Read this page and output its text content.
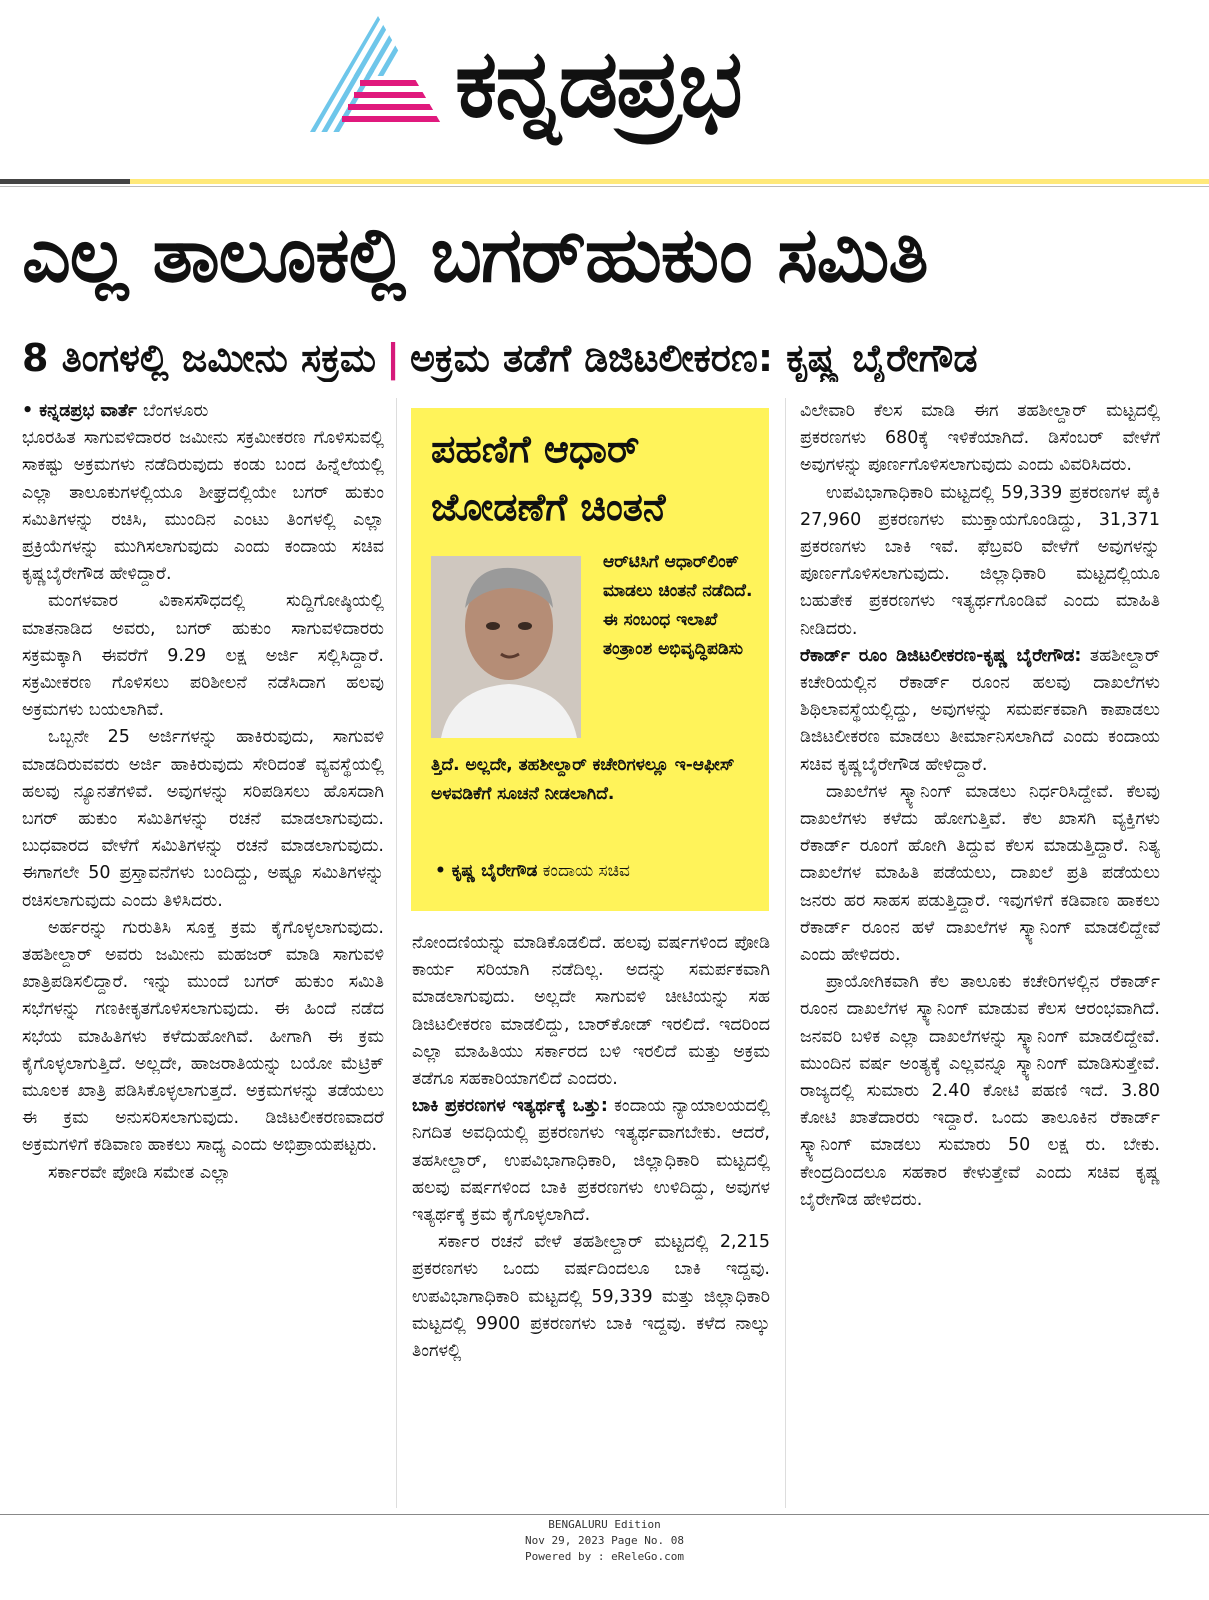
ಕನ್ನಡಪ್ರಭ
ಎಲ್ಲ ತಾಲೂಕಲ್ಲಿ ಬಗರ್‌ಹುಕುಂ ಸಮಿತಿ
8 ತಿಂಗಳಲ್ಲಿ ಜಮೀನು ಸಕ್ರಮ | ಅಕ್ರಮ ತಡೆಗೆ ಡಿಜಿಟಲೀಕರಣ: ಕೃಷ್ಣ ಬೈರೇಗೌಡ

• ಕನ್ನಡಪ್ರಭ ವಾರ್ತೆ ಬೆಂಗಳೂರು

ಭೂರಹಿತ ಸಾಗುವಳಿದಾರರ ಜಮೀನು ಸಕ್ರಮೀಕರಣ ಗೊಳಿಸುವಲ್ಲಿ ಸಾಕಷ್ಟು ಅಕ್ರಮಗಳು ನಡೆದಿರುವುದು ಕಂಡು ಬಂದ ಹಿನ್ನೆಲೆಯಲ್ಲಿ ಎಲ್ಲಾ ತಾಲೂಕುಗಳಲ್ಲಿಯೂ ಶೀಘ್ರದಲ್ಲಿಯೇ ಬಗರ್ ಹುಕುಂ ಸಮಿತಿಗಳನ್ನು ರಚಿಸಿ, ಮುಂದಿನ ಎಂಟು ತಿಂಗಳಲ್ಲಿ ಎಲ್ಲಾ ಪ್ರಕ್ರಿಯೆಗಳನ್ನು ಮುಗಿಸಲಾಗುವುದು ಎಂದು ಕಂದಾಯ ಸಚಿವ ಕೃಷ್ಣಬೈರೇಗೌಡ ಹೇಳಿದ್ದಾರೆ.

ಮಂಗಳವಾರ ವಿಕಾಸಸೌಧದಲ್ಲಿ ಸುದ್ದಿಗೋಷ್ಠಿಯಲ್ಲಿ ಮಾತನಾಡಿದ ಅವರು, ಬಗರ್ ಹುಕುಂ ಸಾಗುವಳಿದಾರರು ಸಕ್ರಮಕ್ಕಾಗಿ ಈವರೆಗೆ 9.29 ಲಕ್ಷ ಅರ್ಜಿ ಸಲ್ಲಿಸಿದ್ದಾರೆ. ಸಕ್ರಮೀಕರಣ ಗೊಳಿಸಲು ಪರಿಶೀಲನೆ ನಡೆಸಿದಾಗ ಹಲವು ಅಕ್ರಮಗಳು ಬಯಲಾಗಿವೆ.

ಒಬ್ಬನೇ 25 ಅರ್ಜಿಗಳನ್ನು ಹಾಕಿರುವುದು, ಸಾಗುವಳಿ ಮಾಡದಿರುವವರು ಅರ್ಜಿ ಹಾಕಿರುವುದು ಸೇರಿದಂತೆ ವ್ಯವಸ್ಥೆಯಲ್ಲಿ ಹಲವು ನ್ಯೂನತೆಗಳಿವೆ. ಅವುಗಳನ್ನು ಸರಿಪಡಿಸಲು ಹೊಸದಾಗಿ ಬಗರ್ ಹುಕುಂ ಸಮಿತಿಗಳನ್ನು ರಚನೆ ಮಾಡಲಾಗುವುದು. ಬುಧವಾರದ ವೇಳೆಗೆ ಸಮಿತಿಗಳನ್ನು ರಚನೆ ಮಾಡಲಾಗುವುದು. ಈಗಾಗಲೇ 50 ಪ್ರಸ್ತಾವನೆಗಳು ಬಂದಿದ್ದು, ಅಷ್ಟೂ ಸಮಿತಿಗಳನ್ನು ರಚಿಸಲಾಗುವುದು ಎಂದು ತಿಳಿಸಿದರು.

ಅರ್ಹರನ್ನು ಗುರುತಿಸಿ ಸೂಕ್ತ ಕ್ರಮ ಕೈಗೊಳ್ಳಲಾಗುವುದು. ತಹಶೀಲ್ದಾರ್ ಅವರು ಜಮೀನು ಮಹಜರ್ ಮಾಡಿ ಸಾಗುವಳಿ ಖಾತ್ರಿಪಡಿಸಲಿದ್ದಾರೆ. ಇನ್ನು ಮುಂದೆ ಬಗರ್ ಹುಕುಂ ಸಮಿತಿ ಸಭೆಗಳನ್ನು ಗಣಕೀಕೃತಗೊಳಿಸಲಾಗುವುದು. ಈ ಹಿಂದೆ ನಡೆದ ಸಭೆಯ ಮಾಹಿತಿಗಳು ಕಳೆದುಹೋಗಿವೆ. ಹೀಗಾಗಿ ಈ ಕ್ರಮ ಕೈಗೊಳ್ಳಲಾಗುತ್ತಿದೆ. ಅಲ್ಲದೇ, ಹಾಜರಾತಿಯನ್ನು ಬಯೋ ಮೆಟ್ರಿಕ್ ಮೂಲಕ ಖಾತ್ರಿ ಪಡಿಸಿಕೊಳ್ಳಲಾಗುತ್ತದೆ. ಅಕ್ರಮಗಳನ್ನು ತಡೆಯಲು ಈ ಕ್ರಮ ಅನುಸರಿಸಲಾಗುವುದು. ಡಿಜಿಟಲೀಕರಣವಾದರೆ ಅಕ್ರಮಗಳಿಗೆ ಕಡಿವಾಣ ಹಾಕಲು ಸಾಧ್ಯ ಎಂದು ಅಭಿಪ್ರಾಯಪಟ್ಟರು.

ಸರ್ಕಾರವೇ ಪೋಡಿ ಸಮೇತ ಎಲ್ಲಾ

ಪಹಣಿಗೆ ಆಧಾರ್
ಜೋಡಣೆಗೆ ಚಿಂತನೆ
ಆರ್‌ಟಿಸಿಗೆ ಆಧಾರ್‌ಲಿಂಕ್ ಮಾಡಲು ಚಿಂತನೆ ನಡೆದಿದೆ. ಈ ಸಂಬಂಧ ಇಲಾಖೆ ತಂತ್ರಾಂಶ ಅಭಿವೃದ್ಧಿಪಡಿಸು
ತ್ತಿದೆ. ಅಲ್ಲದೇ, ತಹಶೀಲ್ದಾರ್ ಕಚೇರಿಗಳಲ್ಲೂ ಇ-ಆಫೀಸ್ ಅಳವಡಿಕೆಗೆ ಸೂಚನೆ ನೀಡಲಾಗಿದೆ.
• ಕೃಷ್ಣ ಬೈರೇಗೌಡ ಕಂದಾಯ ಸಚಿವ

ನೋಂದಣಿಯನ್ನು ಮಾಡಿಕೊಡಲಿದೆ. ಹಲವು ವರ್ಷಗಳಿಂದ ಪೋಡಿ ಕಾರ್ಯ ಸರಿಯಾಗಿ ನಡೆದಿಲ್ಲ. ಅದನ್ನು ಸಮರ್ಪಕವಾಗಿ ಮಾಡಲಾಗುವುದು. ಅಲ್ಲದೇ ಸಾಗುವಳಿ ಚೀಟಿಯನ್ನು ಸಹ ಡಿಜಿಟಲೀಕರಣ ಮಾಡಲಿದ್ದು, ಬಾರ್‌ಕೋಡ್ ಇರಲಿದೆ. ಇದರಿಂದ ಎಲ್ಲಾ ಮಾಹಿತಿಯು ಸರ್ಕಾರದ ಬಳಿ ಇರಲಿದೆ ಮತ್ತು ಅಕ್ರಮ ತಡೆಗೂ ಸಹಕಾರಿಯಾಗಲಿದೆ ಎಂದರು.

ಬಾಕಿ ಪ್ರಕರಣಗಳ ಇತ್ಯರ್ಥಕ್ಕೆ ಒತ್ತು: ಕಂದಾಯ ನ್ಯಾಯಾಲಯದಲ್ಲಿ ನಿಗದಿತ ಅವಧಿಯಲ್ಲಿ ಪ್ರಕರಣಗಳು ಇತ್ಯರ್ಥವಾಗಬೇಕು. ಆದರೆ, ತಹಸೀಲ್ದಾರ್, ಉಪವಿಭಾಗಾಧಿಕಾರಿ, ಜಿಲ್ಲಾಧಿಕಾರಿ ಮಟ್ಟದಲ್ಲಿ ಹಲವು ವರ್ಷಗಳಿಂದ ಬಾಕಿ ಪ್ರಕರಣಗಳು ಉಳಿದಿದ್ದು, ಅವುಗಳ ಇತ್ಯರ್ಥಕ್ಕೆ ಕ್ರಮ ಕೈಗೊಳ್ಳಲಾಗಿದೆ.

ಸರ್ಕಾರ ರಚನೆ ವೇಳೆ ತಹಶೀಲ್ದಾರ್ ಮಟ್ಟದಲ್ಲಿ 2,215 ಪ್ರಕರಣಗಳು ಒಂದು ವರ್ಷದಿಂದಲೂ ಬಾಕಿ ಇದ್ದವು. ಉಪವಿಭಾಗಾಧಿಕಾರಿ ಮಟ್ಟದಲ್ಲಿ 59,339 ಮತ್ತು ಜಿಲ್ಲಾಧಿಕಾರಿ ಮಟ್ಟದಲ್ಲಿ 9900 ಪ್ರಕರಣಗಳು ಬಾಕಿ ಇದ್ದವು. ಕಳೆದ ನಾಲ್ಕು ತಿಂಗಳಲ್ಲಿ

ವಿಲೇವಾರಿ ಕೆಲಸ ಮಾಡಿ ಈಗ ತಹಶೀಲ್ದಾರ್ ಮಟ್ಟದಲ್ಲಿ ಪ್ರಕರಣಗಳು 680ಕ್ಕೆ ಇಳಿಕೆಯಾಗಿದೆ. ಡಿಸೆಂಬರ್ ವೇಳೆಗೆ ಅವುಗಳನ್ನು ಪೂರ್ಣಗೊಳಿಸಲಾಗುವುದು ಎಂದು ವಿವರಿಸಿದರು.

ಉಪವಿಭಾಗಾಧಿಕಾರಿ ಮಟ್ಟದಲ್ಲಿ 59,339 ಪ್ರಕರಣಗಳ ಪೈಕಿ 27,960 ಪ್ರಕರಣಗಳು ಮುಕ್ತಾಯಗೊಂಡಿದ್ದು, 31,371 ಪ್ರಕರಣಗಳು ಬಾಕಿ ಇವೆ. ಫೆಬ್ರವರಿ ವೇಳೆಗೆ ಅವುಗಳನ್ನು ಪೂರ್ಣಗೊಳಿಸಲಾಗುವುದು. ಜಿಲ್ಲಾಧಿಕಾರಿ ಮಟ್ಟದಲ್ಲಿಯೂ ಬಹುತೇಕ ಪ್ರಕರಣಗಳು ಇತ್ಯರ್ಥಗೊಂಡಿವೆ ಎಂದು ಮಾಹಿತಿ ನೀಡಿದರು.

ರೆಕಾರ್ಡ್ ರೂಂ ಡಿಜಿಟಲೀಕರಣ-ಕೃಷ್ಣ ಬೈರೇಗೌಡ: ತಹಶೀಲ್ದಾರ್ ಕಚೇರಿಯಲ್ಲಿನ ರೆಕಾರ್ಡ್ ರೂಂನ ಹಲವು ದಾಖಲೆಗಳು ಶಿಥಿಲಾವಸ್ಥೆಯಲ್ಲಿದ್ದು, ಅವುಗಳನ್ನು ಸಮರ್ಪಕವಾಗಿ ಕಾಪಾಡಲು ಡಿಜಿಟಲೀಕರಣ ಮಾಡಲು ತೀರ್ಮಾನಿಸಲಾಗಿದೆ ಎಂದು ಕಂದಾಯ ಸಚಿವ ಕೃಷ್ಣಬೈರೇಗೌಡ ಹೇಳಿದ್ದಾರೆ.

ದಾಖಲೆಗಳ ಸ್ಕ್ಯಾನಿಂಗ್ ಮಾಡಲು ನಿರ್ಧರಿಸಿದ್ದೇವೆ. ಕೆಲವು ದಾಖಲೆಗಳು ಕಳೆದು ಹೋಗುತ್ತಿವೆ. ಕೆಲ ಖಾಸಗಿ ವ್ಯಕ್ತಿಗಳು ರೆಕಾರ್ಡ್ ರೂಂಗೆ ಹೋಗಿ ತಿದ್ದುವ ಕೆಲಸ ಮಾಡುತ್ತಿದ್ದಾರೆ. ನಿತ್ಯ ದಾಖಲೆಗಳ ಮಾಹಿತಿ ಪಡೆಯಲು, ದಾಖಲೆ ಪ್ರತಿ ಪಡೆಯಲು ಜನರು ಹರ ಸಾಹಸ ಪಡುತ್ತಿದ್ದಾರೆ. ಇವುಗಳಿಗೆ ಕಡಿವಾಣ ಹಾಕಲು ರೆಕಾರ್ಡ್ ರೂಂನ ಹಳೆ ದಾಖಲೆಗಳ ಸ್ಕ್ಯಾನಿಂಗ್ ಮಾಡಲಿದ್ದೇವೆ ಎಂದು ಹೇಳಿದರು.

ಪ್ರಾಯೋಗಿಕವಾಗಿ ಕೆಲ ತಾಲೂಕು ಕಚೇರಿಗಳಲ್ಲಿನ ರೆಕಾರ್ಡ್ ರೂಂನ ದಾಖಲೆಗಳ ಸ್ಕ್ಯಾನಿಂಗ್ ಮಾಡುವ ಕೆಲಸ ಆರಂಭವಾಗಿದೆ. ಜನವರಿ ಬಳಿಕ ಎಲ್ಲಾ ದಾಖಲೆಗಳನ್ನು ಸ್ಕ್ಯಾನಿಂಗ್ ಮಾಡಲಿದ್ದೇವೆ. ಮುಂದಿನ ವರ್ಷ ಅಂತ್ಯಕ್ಕೆ ಎಲ್ಲವನ್ನೂ ಸ್ಕ್ಯಾನಿಂಗ್ ಮಾಡಿಸುತ್ತೇವೆ. ರಾಜ್ಯದಲ್ಲಿ ಸುಮಾರು 2.40 ಕೋಟಿ ಪಹಣಿ ಇದೆ. 3.80 ಕೋಟಿ ಖಾತೆದಾರರು ಇದ್ದಾರೆ. ಒಂದು ತಾಲೂಕಿನ ರೆಕಾರ್ಡ್ ಸ್ಕ್ಯಾನಿಂಗ್ ಮಾಡಲು ಸುಮಾರು 50 ಲಕ್ಷ ರು. ಬೇಕು. ಕೇಂದ್ರದಿಂದಲೂ ಸಹಕಾರ ಕೇಳುತ್ತೇವೆ ಎಂದು ಸಚಿವ ಕೃಷ್ಣ ಬೈರೇಗೌಡ ಹೇಳಿದರು.

BENGALURU Edition
Nov 29, 2023 Page No. 08
Powered by : eReleGo.com
